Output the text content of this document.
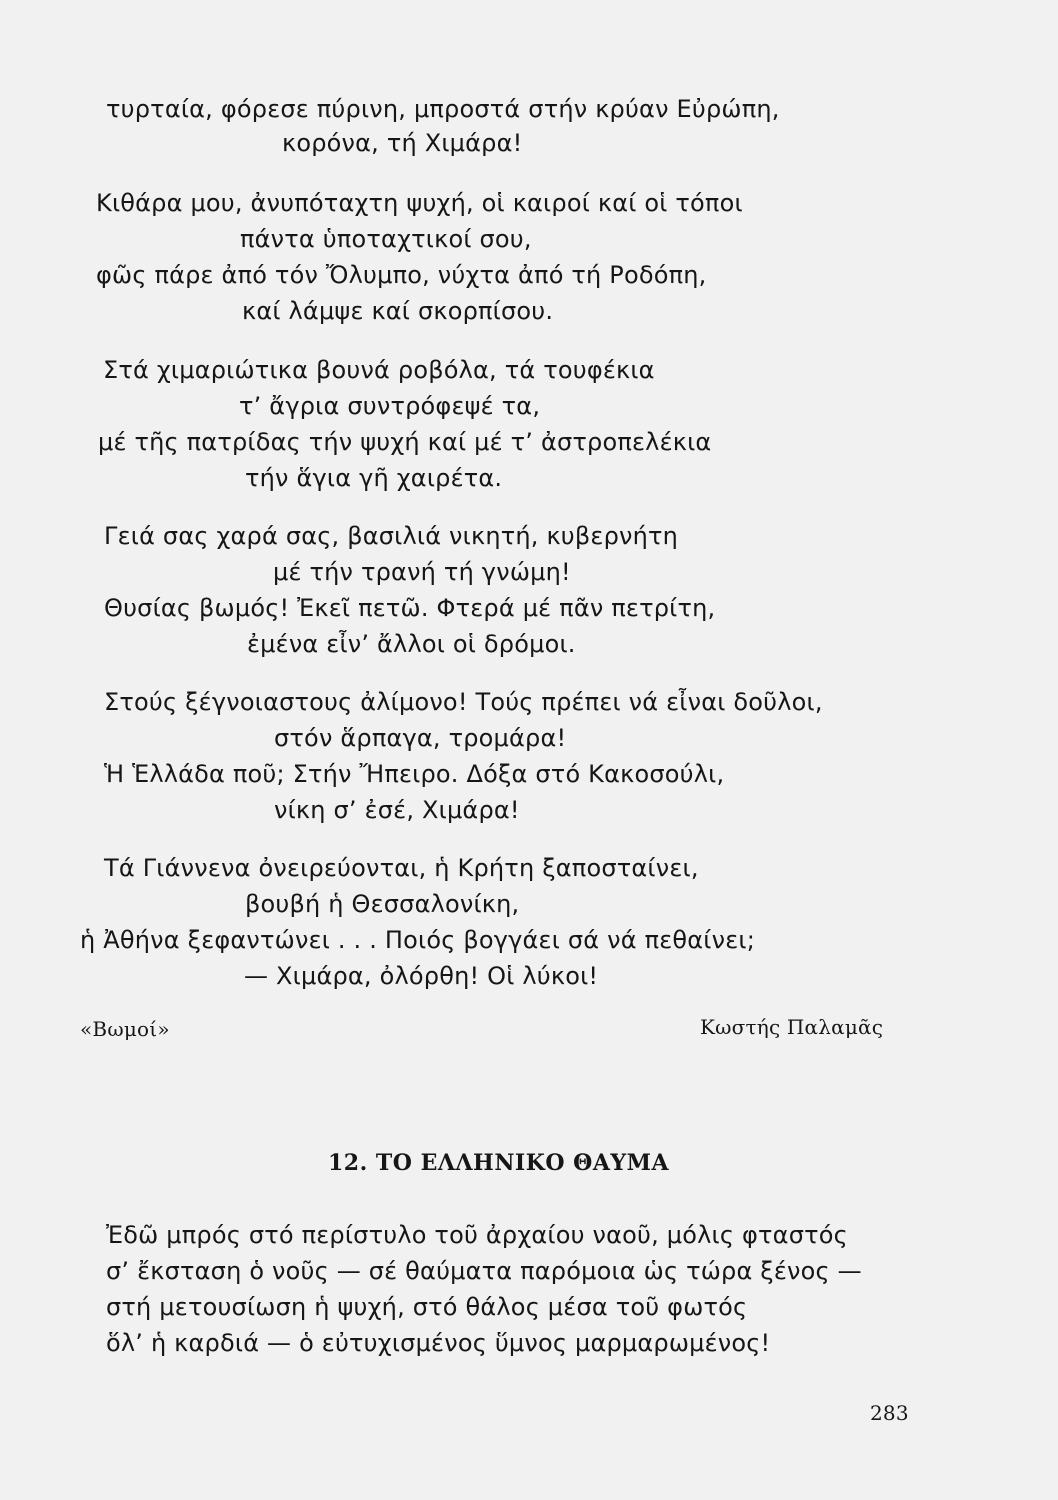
τυρταία, φόρεσε πύρινη, μπροστά στήν κρύαν Εὐρώπη,
κορόνα, τή Χιμάρα!
Κιθάρα μου, ἀνυπόταχτη ψυχή, οἱ καιροί καί οἱ τόποι
πάντα ὑποταχτικοί σου,
φῶς πάρε ἀπό τόν Ὄλυμπο, νύχτα ἀπό τή Ροδόπη,
καί λάμψε καί σκορπίσου.
Στά χιμαριώτικα βουνά ροβόλα, τά τουφέκια
τ’ ἄγρια συντρόφεψέ τα,
μέ τῆς πατρίδας τήν ψυχή καί μέ τ’ ἀστροπελέκια
τήν ἅγια γῆ χαιρέτα.
Γειά σας χαρά σας, βασιλιά νικητή, κυβερνήτη
μέ τήν τρανή τή γνώμη!
Θυσίας βωμός! Ἐκεῖ πετῶ. Φτερά μέ πᾶν πετρίτη,
ἐμένα εἶν’ ἄλλοι οἱ δρόμοι.
Στούς ξέγνοιαστους ἀλίμονο! Τούς πρέπει νά εἶναι δοῦλοι,
στόν ἅρπαγα, τρομάρα!
Ἡ Ἑλλάδα ποῦ; Στήν Ἤπειρο. Δόξα στό Κακοσούλι,
νίκη σ’ ἐσέ, Χιμάρα!
Τά Γιάννενα ὀνειρεύονται, ἡ Κρήτη ξαποσταίνει,
βουβή ἡ Θεσσαλονίκη,
ἡ Ἀθήνα ξεφαντώνει . . . Ποιός βογγάει σά νά πεθαίνει;
— Χιμάρα, ὀλόρθη! Οἱ λύκοι!
«Βωμοί»	Κωστής Παλαμᾶς
12. ΤΟ ΕΛΛΗΝΙΚΟ ΘΑΥΜΑ
Ἐδῶ μπρός στό περίστυλο τοῦ ἀρχαίου ναοῦ, μόλις φταστός
σ’ ἔκσταση ὁ νοῦς — σέ θαύματα παρόμοια ὡς τώρα ξένος —
στή μετουσίωση ἡ ψυχή, στό θάλος μέσα τοῦ φωτός
ὅλ’ ἡ καρδιά — ὁ εὐτυχισμένος ὕμνος μαρμαρωμένος!
283
